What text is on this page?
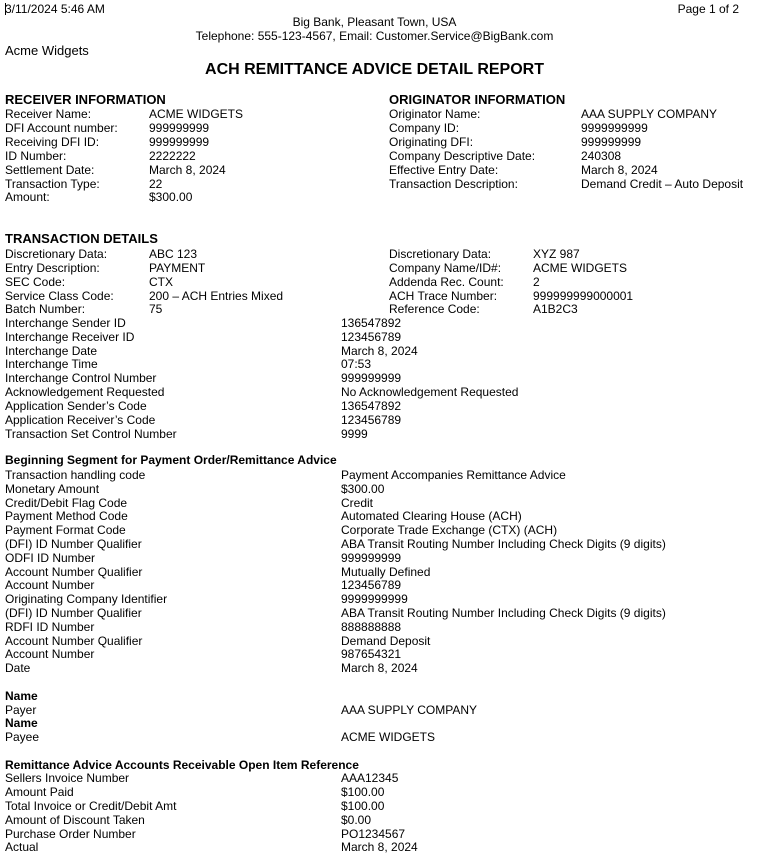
3/11/2024 5:46 AM	Page 1 of 2
Big Bank, Pleasant Town, USA
Telephone: 555-123-4567, Email: Customer.Service@BigBank.com
Acme Widgets
ACH REMITTANCE ADVICE DETAIL REPORT
RECEIVER INFORMATION
Receiver Name:	ACME WIDGETS
DFI Account number:	999999999
Receiving DFI ID:	999999999
ID Number:	2222222
Settlement Date:	March 8, 2024
Transaction Type:	22
Amount:	$300.00
ORIGINATOR INFORMATION
Originator Name:	AAA SUPPLY COMPANY
Company ID:	9999999999
Originating DFI:	999999999
Company Descriptive Date:	240308
Effective Entry Date:	March 8, 2024
Transaction Description:	Demand Credit – Auto Deposit
TRANSACTION DETAILS
Discretionary Data:	ABC 123
Entry Description:	PAYMENT
SEC Code:	CTX
Service Class Code:	200 – ACH Entries Mixed
Batch Number:	75
Discretionary Data:	XYZ 987
Company Name/ID#:	ACME WIDGETS
Addenda Rec. Count: 2
ACH Trace Number:	999999999000001
Reference Code:	A1B2C3
Interchange Sender ID	136547892
Interchange Receiver ID	123456789
Interchange Date	March 8, 2024
Interchange Time	07:53
Interchange Control Number	999999999
Acknowledgement Requested	No Acknowledgement Requested
Application Sender’s Code	136547892
Application Receiver’s Code	123456789
Transaction Set Control Number	9999
Beginning Segment for Payment Order/Remittance Advice
Transaction handling code	Payment Accompanies Remittance Advice
Monetary Amount	$300.00
Credit/Debit Flag Code	Credit
Payment Method Code	Automated Clearing House (ACH)
Payment Format Code	Corporate Trade Exchange (CTX) (ACH)
(DFI) ID Number Qualifier	ABA Transit Routing Number Including Check Digits (9 digits)
ODFI ID Number	999999999
Account Number Qualifier	Mutually Defined
Account Number	123456789
Originating Company Identifier	9999999999
(DFI) ID Number Qualifier	ABA Transit Routing Number Including Check Digits (9 digits)
RDFI ID Number	888888888
Account Number Qualifier	Demand Deposit
Account Number	987654321
Date	March 8, 2024
Name
Payer	AAA SUPPLY COMPANY
Name
Payee	ACME WIDGETS
Remittance Advice Accounts Receivable Open Item Reference
Sellers Invoice Number	AAA12345
Amount Paid	$100.00
Total Invoice or Credit/Debit Amt	$100.00
Amount of Discount Taken	$0.00
Purchase Order Number	PO1234567
Actual	March 8, 2024
